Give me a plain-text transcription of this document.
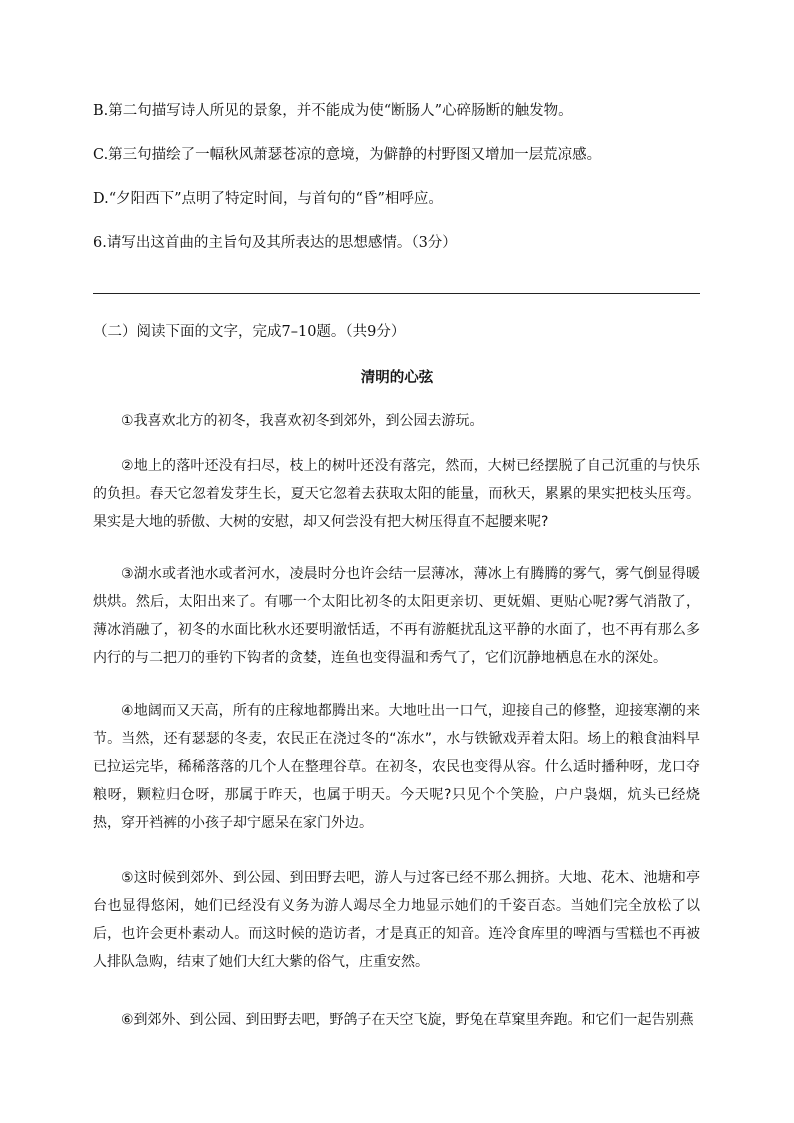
B.第二句描写诗人所见的景象，并不能成为使“断肠人”心碎肠断的触发物。
C.第三句描绘了一幅秋风萧瑟苍凉的意境，为僻静的村野图又增加一层荒凉感。
D.“夕阳西下”点明了特定时间，与首句的“昏”相呼应。
6.请写出这首曲的主旨句及其所表达的思想感情。（3分）
（二）阅读下面的文字，完成7–10题。（共9分）
清明的心弦
①我喜欢北方的初冬，我喜欢初冬到郊外，到公园去游玩。
②地上的落叶还没有扫尽，枝上的树叶还没有落完，然而，大树已经摆脱了自己沉重的与快乐的负担。春天它忽着发芽生长，夏天它忽着去获取太阳的能量，而秋天，累累的果实把枝头压弯。果实是大地的骄傲、大树的安慰，却又何尝没有把大树压得直不起腰来呢?
③湖水或者池水或者河水，凌晨时分也许会结一层薄冰，薄冰上有腾腾的雾气，雾气倒显得暖烘烘。然后，太阳出来了。有哪一个太阳比初冬的太阳更亲切、更妩媚、更贴心呢?雾气消散了，薄冰消融了，初冬的水面比秋水还要明澈恬适，不再有游艇扰乱这平静的水面了，也不再有那么多内行的与二把刀的垂钓下钩者的贪婪，连鱼也变得温和秀气了，它们沉静地栖息在水的深处。
④地阔而又天高，所有的庄稼地都腾出来。大地吐出一口气，迎接自己的修整，迎接寒潮的来节。当然，还有瑟瑟的冬麦，农民正在浇过冬的“冻水”，水与铁锨戏弄着太阳。场上的粮食油料早已拉运完毕，稀稀落落的几个人在整理谷草。在初冬，农民也变得从容。什么适时播种呀，龙口夺粮呀，颗粒归仓呀，那属于昨天，也属于明天。今天呢?只见个个笑脸，户户袅烟，炕头已经烧热，穿开裆裤的小孩子却宁愿呆在家门外边。
⑤这时候到郊外、到公园、到田野去吧，游人与过客已经不那么拥挤。大地、花木、池塘和亭台也显得悠闲，她们已经没有义务为游人竭尽全力地显示她们的千姿百态。当她们完全放松了以后，也许会更朴素动人。而这时候的造访者，才是真正的知音。连冷食库里的啤酒与雪糕也不再被人排队急购，结束了她们大红大紫的俗气，庄重安然。
⑥到郊外、到公园、到田野去吧，野鸽子在天空飞旋，野兔在草窠里奔跑。和它们一起告别燕
